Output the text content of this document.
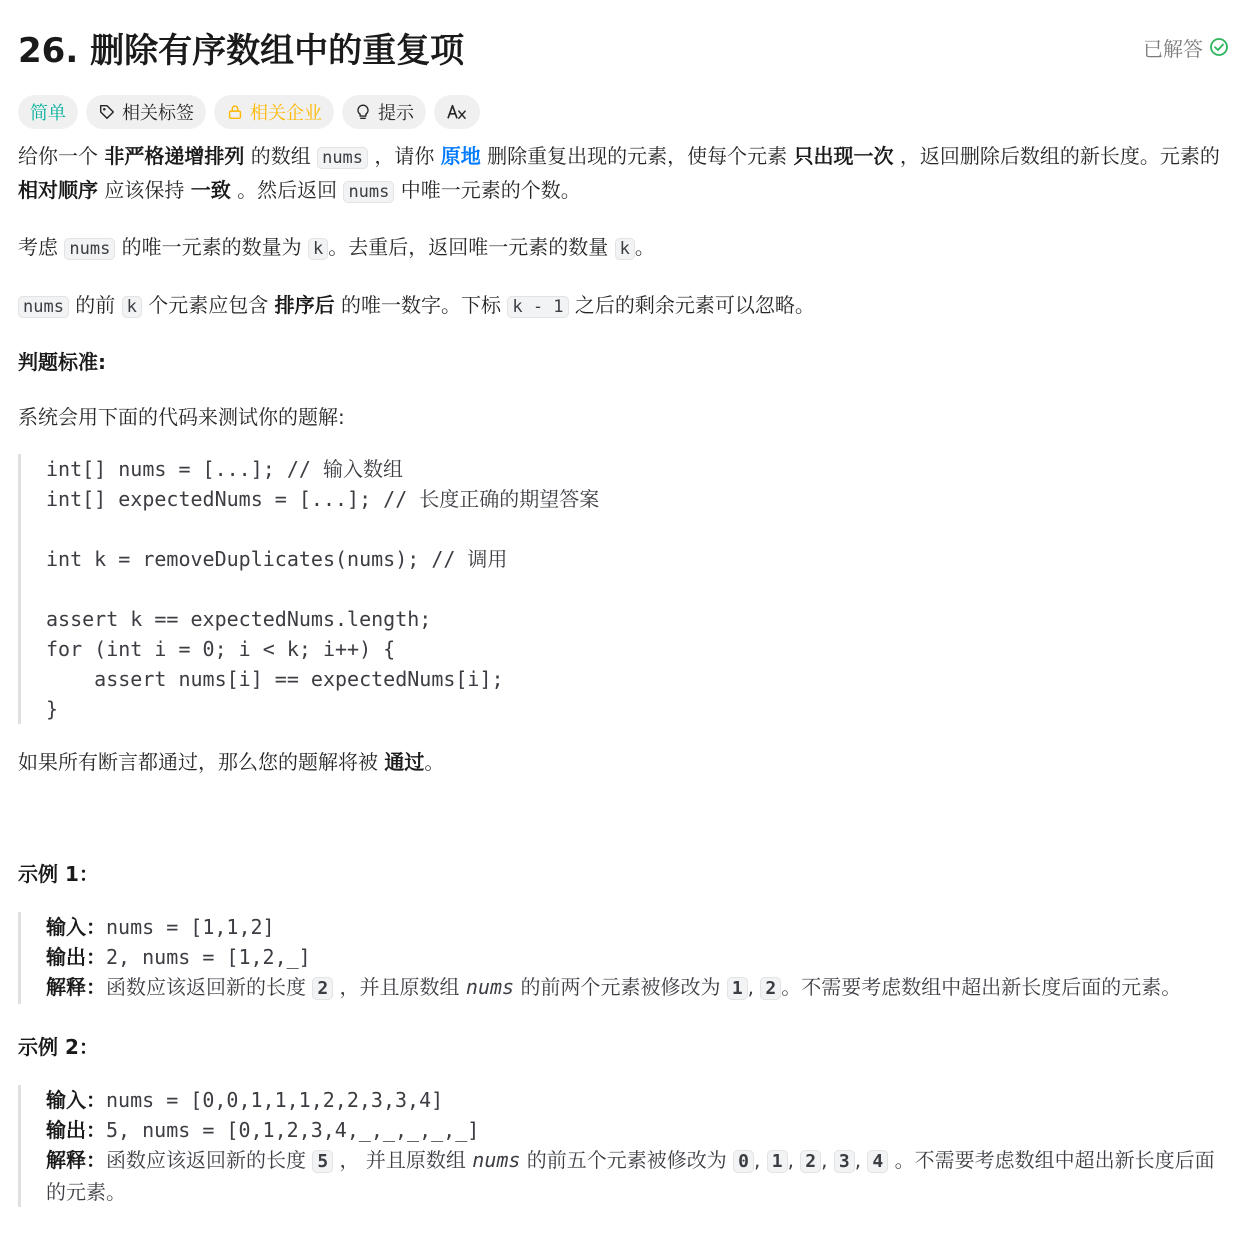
26. 删除有序数组中的重复项	已解答
简单	相关标签	相关企业	提示

给你一个 非严格递增排列 的数组 nums ，请你 原地 删除重复出现的元素，使每个元素 只出现一次 ，返回删除后数组的新长度。元素的 相对顺序 应该保持 一致 。然后返回 nums 中唯一元素的个数。

考虑 nums 的唯一元素的数量为 k 。去重后，返回唯一元素的数量 k 。

nums 的前 k 个元素应包含 排序后 的唯一数字。下标 k - 1 之后的剩余元素可以忽略。

判题标准:

系统会用下面的代码来测试你的题解:

int[] nums = [...]; // 输入数组
int[] expectedNums = [...]; // 长度正确的期望答案
int k = removeDuplicates(nums); // 调用
assert k == expectedNums.length;
for (int i = 0; i < k; i++) {
assert nums[i] == expectedNums[i];
}

如果所有断言都通过，那么您的题解将被 通过。

示例 1：

输入：nums = [1,1,2]
输出：2, nums = [1,2,_]
解释：函数应该返回新的长度 2 ，并且原数组 nums 的前两个元素被修改为 1 , 2 。不需要考虑数组中超出新长度后面的元素。

示例 2：

输入：nums = [0,0,1,1,1,2,2,3,3,4]
输出：5, nums = [0,1,2,3,4,_,_,_,_,_]
解释：函数应该返回新的长度 5 ， 并且原数组 nums 的前五个元素被修改为 0 , 1 , 2 , 3 , 4 。不需要考虑数组中超出新长度后面的元素。
